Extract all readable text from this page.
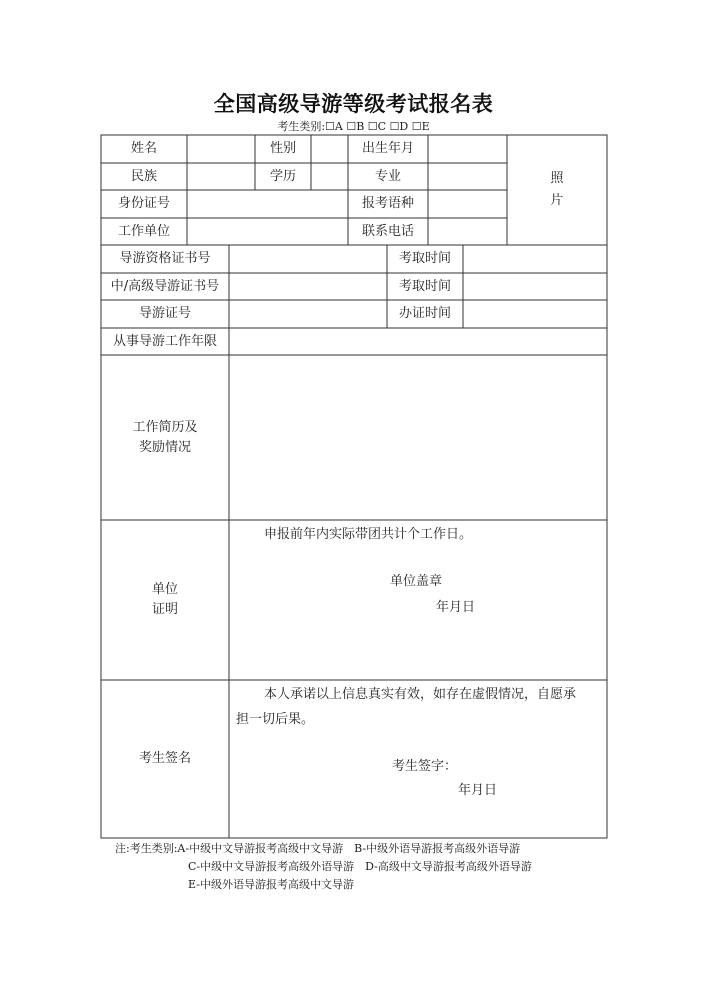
全国高级导游等级考试报名表
考生类别:☐A ☐B ☐C ☐D ☐E
姓名	性别	出生年月
照
片
民族	学历	专业
身份证号	报考语种
工作单位	联系电话
导游资格证书号	考取时间
中/高级导游证书号	考取时间
导游证号	办证时间
从事导游工作年限
工作简历及
奖励情况
单位
证明
申报前年内实际带团共计个工作日。
单位盖章
年月日
考生签名
本人承诺以上信息真实有效，如存在虚假情况，自愿承
担一切后果。
考生签字：
年月日
注:考生类别:A-中级中文导游报考高级中文导游　B-中级外语导游报考高级外语导游
C-中级中文导游报考高级外语导游　D-高级中文导游报考高级外语导游
E-中级外语导游报考高级中文导游
